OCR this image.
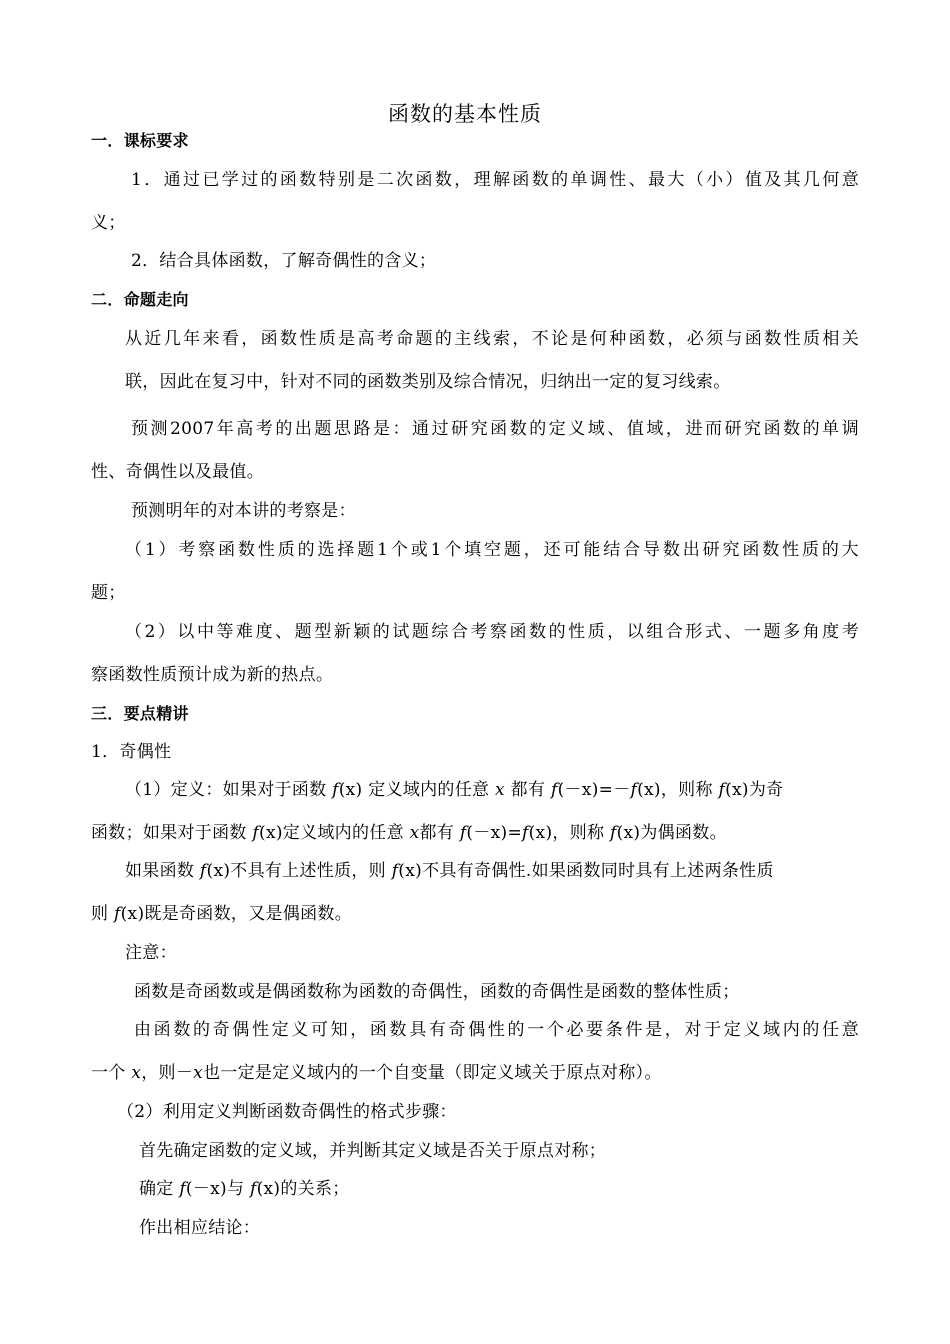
函数的基本性质
一．课标要求
1．通过已学过的函数特别是二次函数，理解函数的单调性、最大（小）值及其几何意
义；
2．结合具体函数，了解奇偶性的含义；
二．命题走向
从近几年来看，函数性质是高考命题的主线索，不论是何种函数，必须与函数性质相关
联，因此在复习中，针对不同的函数类别及综合情况，归纳出一定的复习线索。
预测2007年高考的出题思路是：通过研究函数的定义域、值域，进而研究函数的单调
性、奇偶性以及最值。
预测明年的对本讲的考察是：
（1）考察函数性质的选择题1个或1个填空题，还可能结合导数出研究函数性质的大
题；
（2）以中等难度、题型新颖的试题综合考察函数的性质，以组合形式、一题多角度考
察函数性质预计成为新的热点。
三．要点精讲
1．奇偶性
（1）定义：如果对于函数 f(x) 定义域内的任意 x 都有 f(－x)=－f(x)，则称 f(x)为奇
函数；如果对于函数 f(x)定义域内的任意 x都有 f(－x)=f(x)，则称 f(x)为偶函数。
如果函数 f(x)不具有上述性质，则 f(x)不具有奇偶性.如果函数同时具有上述两条性质
则 f(x)既是奇函数，又是偶函数。
注意：
函数是奇函数或是偶函数称为函数的奇偶性，函数的奇偶性是函数的整体性质；
由函数的奇偶性定义可知，函数具有奇偶性的一个必要条件是，对于定义域内的任意
一个 x，则－x也一定是定义域内的一个自变量（即定义域关于原点对称）。
（2）利用定义判断函数奇偶性的格式步骤：
首先确定函数的定义域，并判断其定义域是否关于原点对称；
确定 f(－x)与 f(x)的关系；
作出相应结论：
